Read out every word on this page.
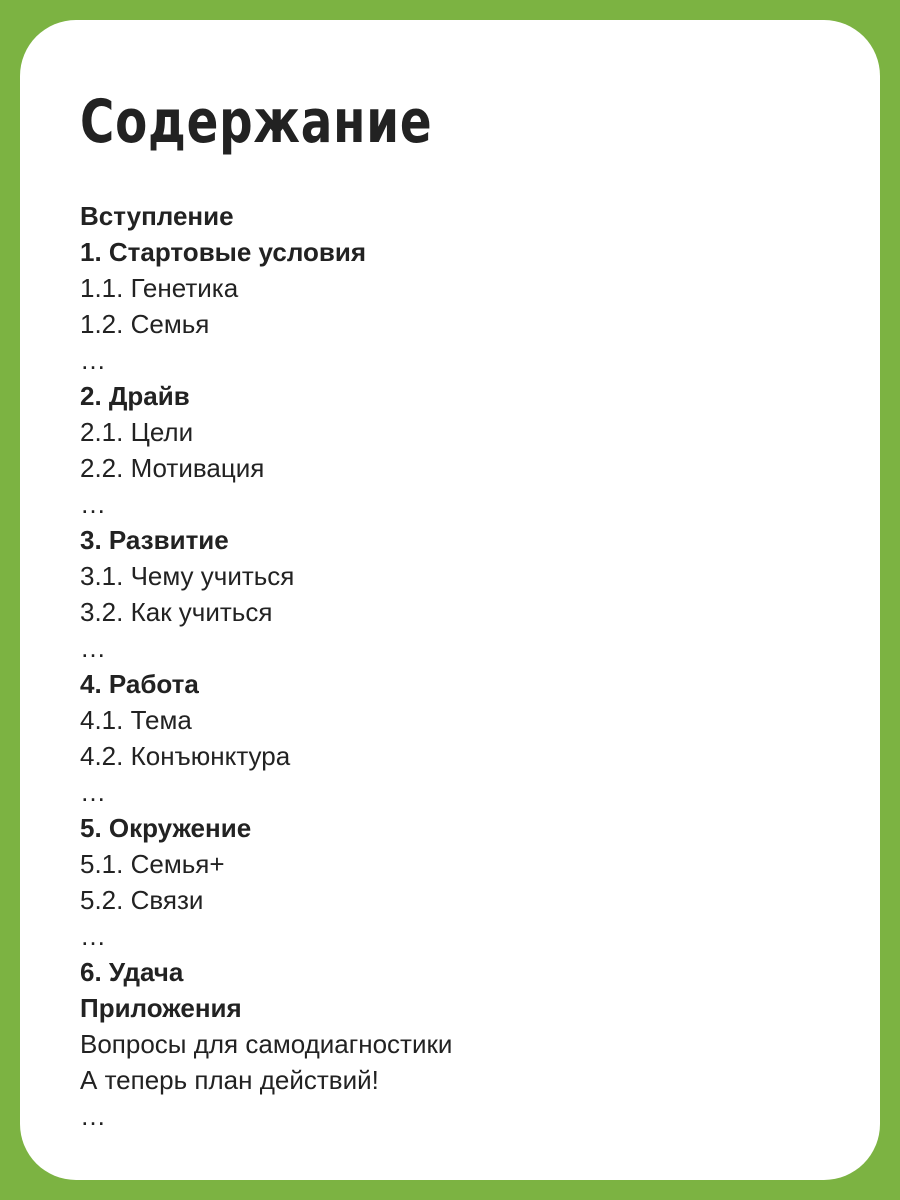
Содержание
Вступление
1. Стартовые условия
1.1. Генетика
1.2. Семья
…
2. Драйв
2.1. Цели
2.2. Мотивация
…
3. Развитие
3.1. Чему учиться
3.2. Как учиться
…
4. Работа
4.1. Тема
4.2. Конъюнктура
…
5. Окружение
5.1. Семья+
5.2. Связи
…
6. Удача
Приложения
Вопросы для самодиагностики
А теперь план действий!
…
